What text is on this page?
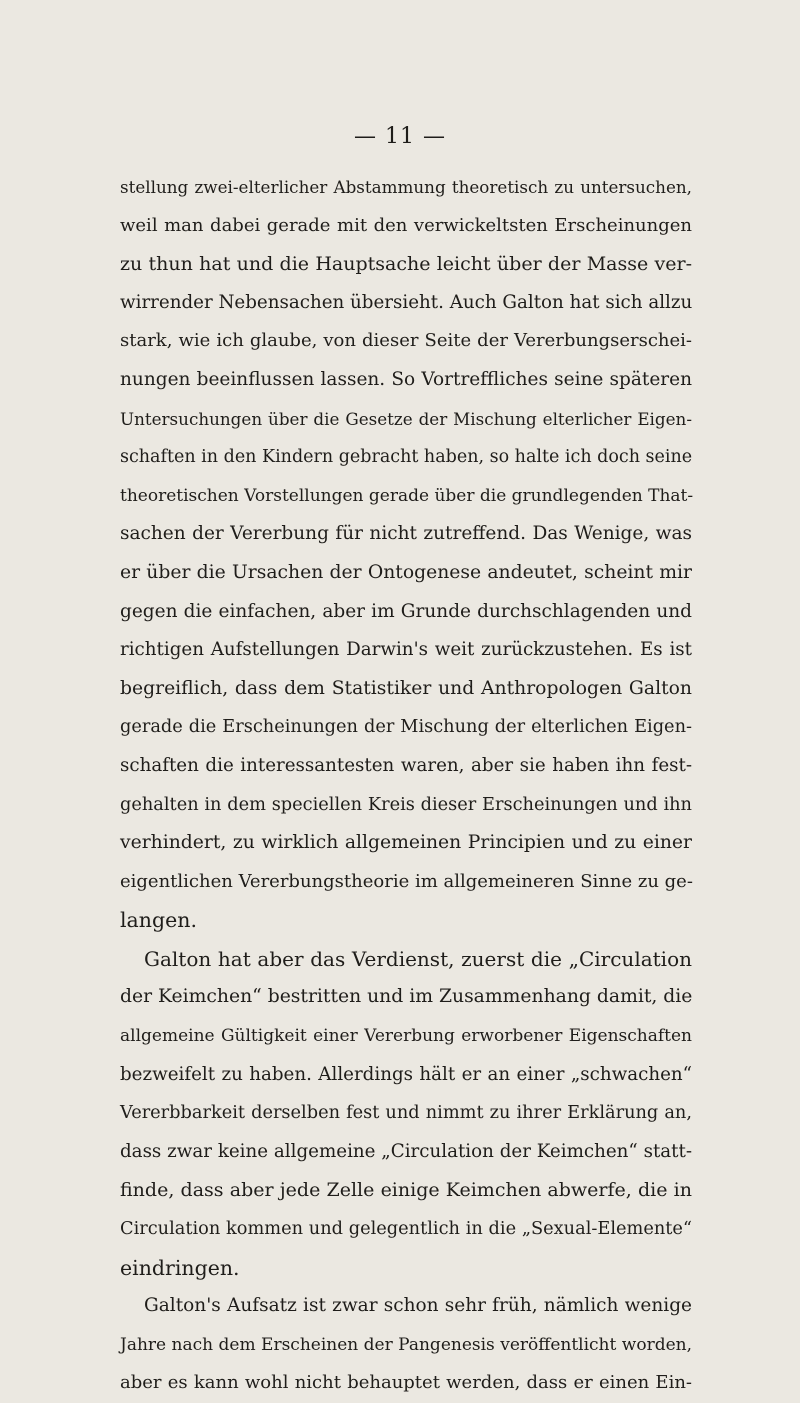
— 11 —
stellung zwei-elterlicher Abstammung theoretisch zu untersuchen,
weil man dabei gerade mit den verwickeltsten Erscheinungen
zu thun hat und die Hauptsache leicht über der Masse ver-
wirrender Nebensachen übersieht. Auch Galton hat sich allzu
stark, wie ich glaube, von dieser Seite der Vererbungserschei-
nungen beeinflussen lassen. So Vortreffliches seine späteren
Untersuchungen über die Gesetze der Mischung elterlicher Eigen-
schaften in den Kindern gebracht haben, so halte ich doch seine
theoretischen Vorstellungen gerade über die grundlegenden That-
sachen der Vererbung für nicht zutreffend. Das Wenige, was
er über die Ursachen der Ontogenese andeutet, scheint mir
gegen die einfachen, aber im Grunde durchschlagenden und
richtigen Aufstellungen Darwin's weit zurückzustehen. Es ist
begreiflich, dass dem Statistiker und Anthropologen Galton
gerade die Erscheinungen der Mischung der elterlichen Eigen-
schaften die interessantesten waren, aber sie haben ihn fest-
gehalten in dem speciellen Kreis dieser Erscheinungen und ihn
verhindert, zu wirklich allgemeinen Principien und zu einer
eigentlichen Vererbungstheorie im allgemeineren Sinne zu ge-
langen.
Galton hat aber das Verdienst, zuerst die „Circulation
der Keimchen“ bestritten und im Zusammenhang damit, die
allgemeine Gültigkeit einer Vererbung erworbener Eigenschaften
bezweifelt zu haben. Allerdings hält er an einer „schwachen“
Vererbbarkeit derselben fest und nimmt zu ihrer Erklärung an,
dass zwar keine allgemeine „Circulation der Keimchen“ statt-
finde, dass aber jede Zelle einige Keimchen abwerfe, die in
Circulation kommen und gelegentlich in die „Sexual-Elemente“
eindringen.
Galton's Aufsatz ist zwar schon sehr früh, nämlich wenige
Jahre nach dem Erscheinen der Pangenesis veröffentlicht worden,
aber es kann wohl nicht behauptet werden, dass er einen Ein-
